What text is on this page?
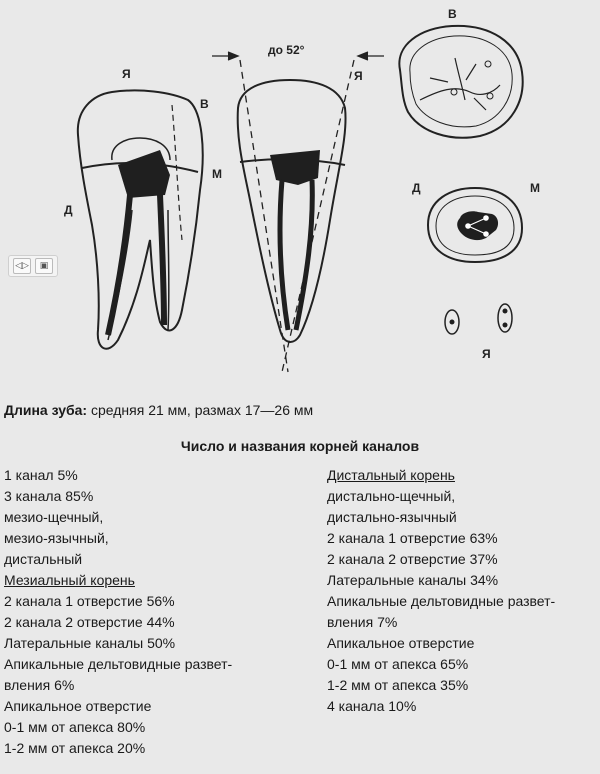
до 52°
Я
В
Д
Я
М
В
Д	М
Я
◁▷	▣
Длина зуба: средняя 21 мм, размах 17—26 мм
Число и названия корней каналов
1 канал 5%
3 канала 85%
мезио-щечный,
мезио-язычный,
дистальный
Мезиальный корень
2 канала 1 отверстие 56%
2 канала 2 отверстие 44%
Латеральные каналы 50%
Апикальные дельтовидные развет-
вления 6%
Апикальное отверстие
0-1 мм от апекса 80%
1-2 мм от апекса 20%
Дистальный корень
дистально-щечный,
дистально-язычный
2 канала 1 отверстие 63%
2 канала 2 отверстие 37%
Латеральные каналы 34%
Апикальные дельтовидные развет-
вления 7%
Апикальное отверстие
0-1 мм от апекса 65%
1-2 мм от апекса 35%
4 канала 10%
